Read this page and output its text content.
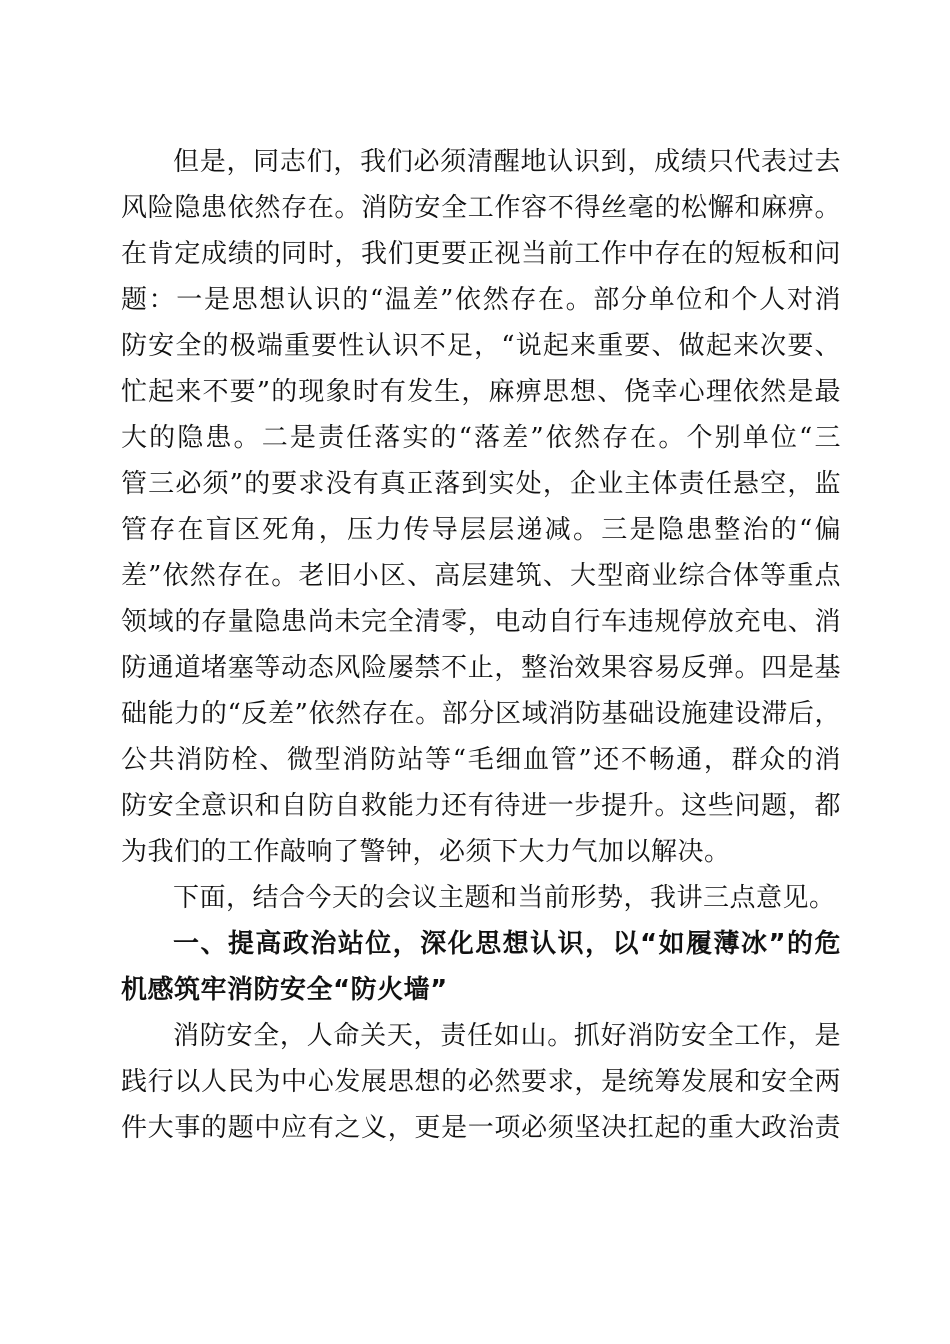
但是，同志们，我们必须清醒地认识到，成绩只代表过去
风险隐患依然存在。消防安全工作容不得丝毫的松懈和麻痹。
在肯定成绩的同时，我们更要正视当前工作中存在的短板和问
题：一是思想认识的“温差”依然存在。部分单位和个人对消
防安全的极端重要性认识不足，“说起来重要、做起来次要、
忙起来不要”的现象时有发生，麻痹思想、侥幸心理依然是最
大的隐患。二是责任落实的“落差”依然存在。个别单位“三
管三必须”的要求没有真正落到实处，企业主体责任悬空，监
管存在盲区死角，压力传导层层递减。三是隐患整治的“偏
差”依然存在。老旧小区、高层建筑、大型商业综合体等重点
领域的存量隐患尚未完全清零，电动自行车违规停放充电、消
防通道堵塞等动态风险屡禁不止，整治效果容易反弹。四是基
础能力的“反差”依然存在。部分区域消防基础设施建设滞后，
公共消防栓、微型消防站等“毛细血管”还不畅通，群众的消
防安全意识和自防自救能力还有待进一步提升。这些问题，都
为我们的工作敲响了警钟，必须下大力气加以解决。
下面，结合今天的会议主题和当前形势，我讲三点意见。
一、提高政治站位，深化思想认识，以“如履薄冰”的危
机感筑牢消防安全“防火墙”
消防安全，人命关天，责任如山。抓好消防安全工作，是
践行以人民为中心发展思想的必然要求，是统筹发展和安全两
件大事的题中应有之义，更是一项必须坚决扛起的重大政治责
